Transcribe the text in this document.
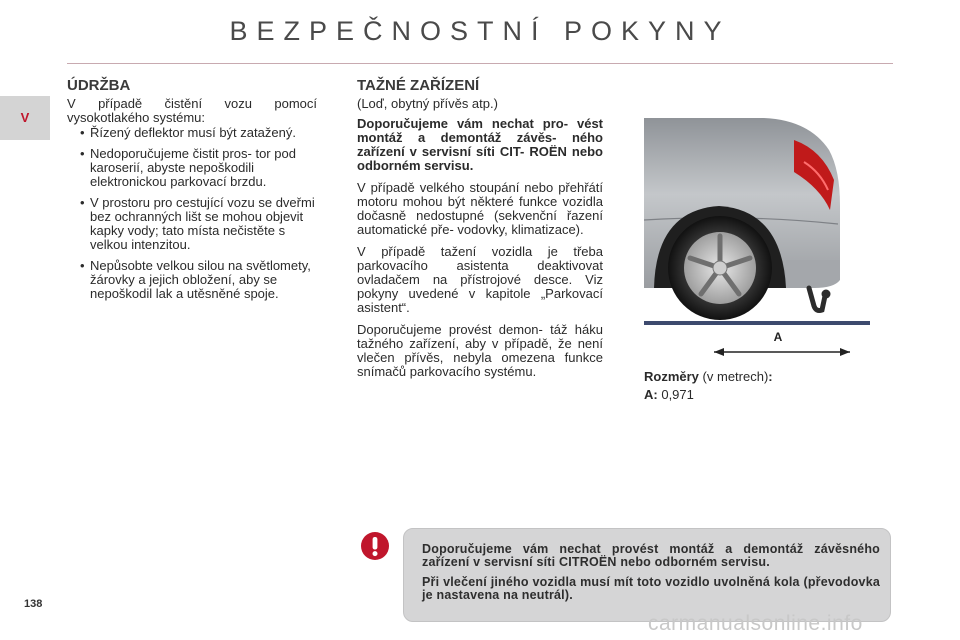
BEZPEČNOSTNÍ POKYNY
V
138
ÚDRŽBA

V případě čistění vozu pomocí vysokotlakého systému:

• Řízený deflektor musí být zatažený.
• Nedoporučujeme čistit pros- tor pod karoserií, abyste nepoškodili elektronickou parkovací brzdu.
• V prostoru pro cestující vozu se dveřmi bez ochranných lišt se mohou objevit kapky vody; tato místa nečistěte s velkou intenzitou.
• Nepůsobte velkou silou na světlomety, žárovky a jejich obložení, aby se nepoškodil lak a utěsněné spoje.
TAŽNÉ ZAŘÍZENÍ

(Loď, obytný přívěs atp.)

Doporučujeme vám nechat pro- vést montáž a demontáž závěs- ného zařízení v servisní síti CIT- ROËN nebo odborném servisu.

V případě velkého stoupání nebo přehřátí motoru mohou být některé funkce vozidla dočasně nedostupné (sekvenční řazení automatické pře- vodovky, klimatizace).

V případě tažení vozidla je třeba parkovacího asistenta deaktivovat ovladačem na přístrojové desce. Viz pokyny uvedené v kapitole „Parkovací asistent“.

Doporučujeme provést demon- táž háku tažného zařízení, aby v případě, že není vlečen přívěs, nebyla omezena funkce snímačů parkovacího systému.

A
Rozměry (v metrech):
A: 0,971

Doporučujeme vám nechat provést montáž a demontáž závěsného zařízení v servisní síti CITROËN nebo odborném servisu.

Při vlečení jiného vozidla musí mít toto vozidlo uvolněná kola (převodovka je nastavena na neutrál).

carmanualsonline.info
